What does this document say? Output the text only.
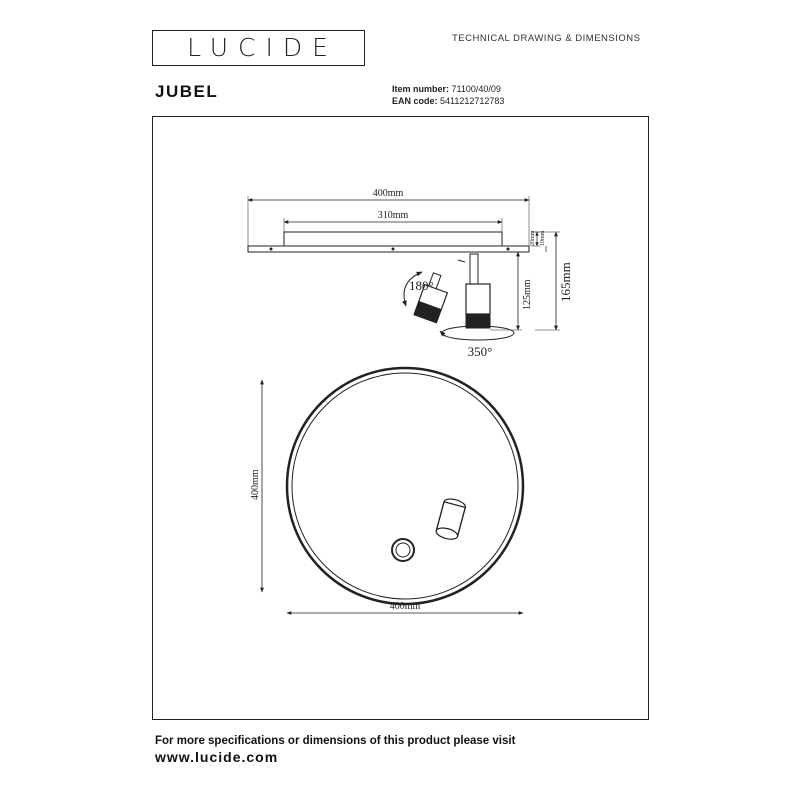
LUCIDE	TECHNICAL DRAWING & DIMENSIONS
JUBEL	Item number: 71100/40/09
EAN code: 5411212712783
400mm
310mm
20mm 10mm
165mm
125mm
180°
350°
400mm
400mm
For more specifications or dimensions of this product please visit
www.lucide.com
